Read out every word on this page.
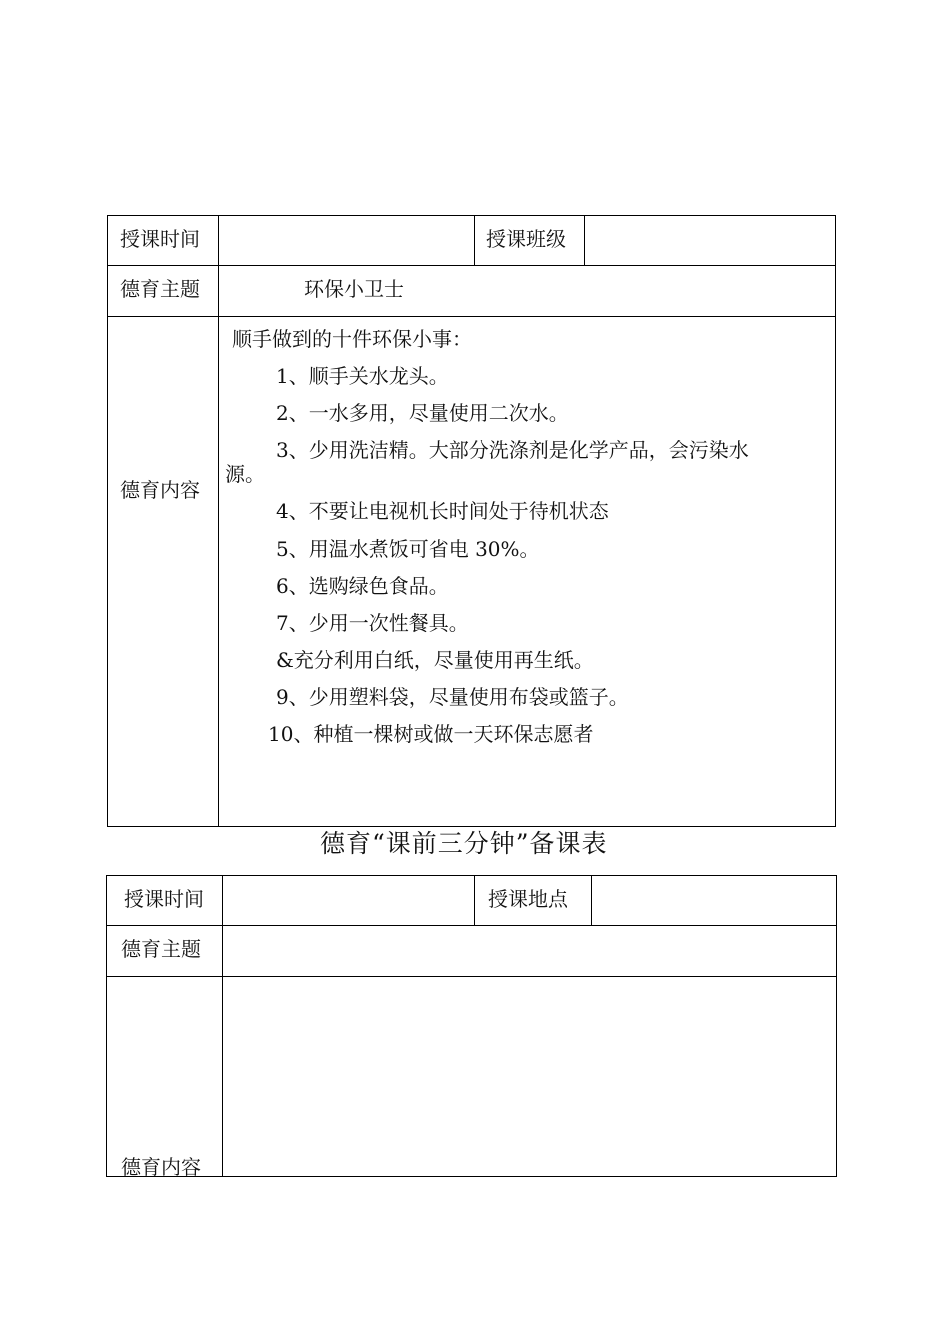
授课时间	授课班级
德育主题	环保小卫士
德育内容
顺手做到的十件环保小事：
1、顺手关水龙头。
2、一水多用，尽量使用二次水。
3、少用洗洁精。大部分洗涤剂是化学产品，会污染水
源。
4、不要让电视机长时间处于待机状态
5、用温水煮饭可省电 30%。
6、选购绿色食品。
7、少用一次性餐具。
&充分利用白纸，尽量使用再生纸。
9、少用塑料袋，尽量使用布袋或篮子。
10、种植一棵树或做一天环保志愿者
德育“课前三分钟”备课表
授课时间	授课地点
德育主题
德育内容
